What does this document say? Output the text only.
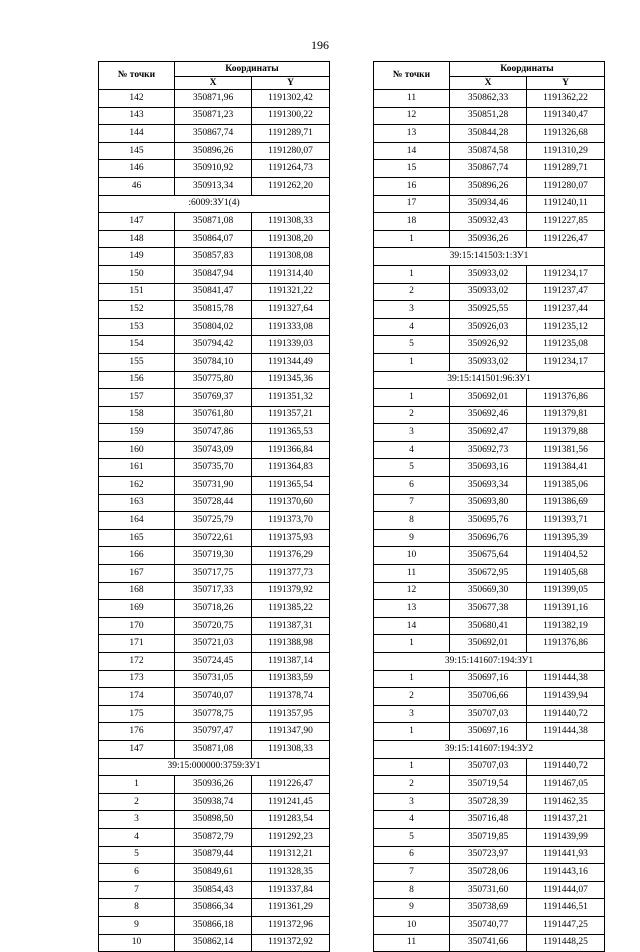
196
№ точки	Координаты	
	X	Y
142	350871,96	1191302,42
143	350871,23	1191300,22
144	350867,74	1191289,71
145	350896,26	1191280,07
146	350910,92	1191264,73
46	350913,34	1191262,20
:6009:ЗУ1(4)		
147	350871,08	1191308,33
148	350864,07	1191308,20
149	350857,83	1191308,08
150	350847,94	1191314,40
151	350841,47	1191321,22
152	350815,78	1191327,64
153	350804,02	1191333,08
154	350794,42	1191339,03
155	350784,10	1191344,49
156	350775,80	1191345,36
157	350769,37	1191351,32
158	350761,80	1191357,21
159	350747,86	1191365,53
160	350743,09	1191366,84
161	350735,70	1191364,83
162	350731,90	1191365,54
163	350728,44	1191370,60
164	350725,79	1191373,70
165	350722,61	1191375,93
166	350719,30	1191376,29
167	350717,75	1191377,73
168	350717,33	1191379,92
169	350718,26	1191385,22
170	350720,75	1191387,31
171	350721,03	1191388,98
172	350724,45	1191387,14
173	350731,05	1191383,59
174	350740,07	1191378,74
175	350778,75	1191357,95
176	350797,47	1191347,90
147	350871,08	1191308,33
39:15:000000:3759:ЗУ1		
1	350936,26	1191226,47
2	350938,74	1191241,45
3	350898,50	1191283,54
4	350872,79	1191292,23
5	350879,44	1191312,21
6	350849,61	1191328,35
7	350854,43	1191337,84
8	350866,34	1191361,29
9	350866,18	1191372,96
10	350862,14	1191372,92
№ точки	Координаты	
	X	Y
11	350862,33	1191362,22
12	350851,28	1191340,47
13	350844,28	1191326,68
14	350874,58	1191310,29
15	350867,74	1191289,71
16	350896,26	1191280,07
17	350934,46	1191240,11
18	350932,43	1191227,85
1	350936,26	1191226,47
39:15:141503:1:ЗУ1		
1	350933,02	1191234,17
2	350933,02	1191237,47
3	350925,55	1191237,44
4	350926,03	1191235,12
5	350926,92	1191235,08
1	350933,02	1191234,17
39:15:141501:96:ЗУ1		
1	350692,01	1191376,86
2	350692,46	1191379,81
3	350692,47	1191379,88
4	350692,73	1191381,56
5	350693,16	1191384,41
6	350693,34	1191385,06
7	350693,80	1191386,69
8	350695,76	1191393,71
9	350696,76	1191395,39
10	350675,64	1191404,52
11	350672,95	1191405,68
12	350669,30	1191399,05
13	350677,38	1191391,16
14	350680,41	1191382,19
1	350692,01	1191376,86
39:15:141607:194:ЗУ1		
1	350697,16	1191444,38
2	350706,66	1191439,94
3	350707,03	1191440,72
1	350697,16	1191444,38
39:15:141607:194:ЗУ2		
1	350707,03	1191440,72
2	350719,54	1191467,05
3	350728,39	1191462,35
4	350716,48	1191437,21
5	350719,85	1191439,99
6	350723,97	1191441,93
7	350728,06	1191443,16
8	350731,60	1191444,07
9	350738,69	1191446,51
10	350740,77	1191447,25
11	350741,66	1191448,25
